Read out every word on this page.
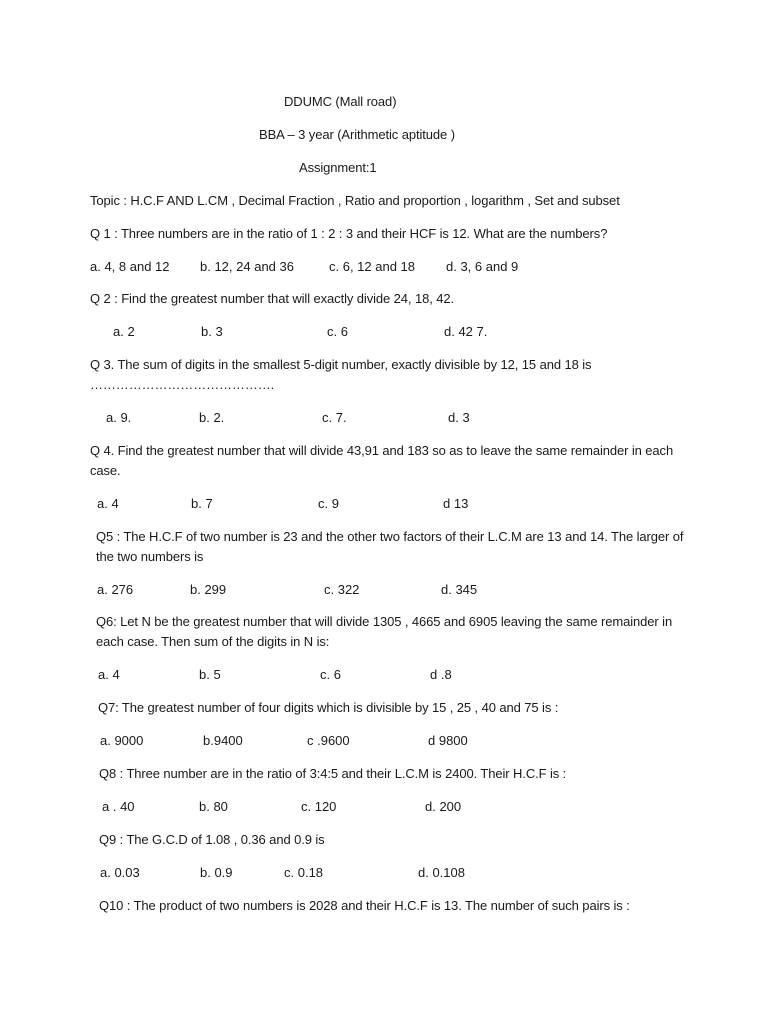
DDUMC (Mall road)
BBA – 3 year (Arithmetic aptitude )
Assignment:1
Topic : H.C.F AND L.CM , Decimal Fraction , Ratio and proportion , logarithm , Set and subset
Q 1 : Three numbers are in the ratio of 1 : 2 : 3 and their HCF is 12. What are the numbers?
a. 4, 8 and 12 b. 12, 24 and 36	c. 6, 12 and 18 d. 3, 6 and 9
Q 2 : Find the greatest number that will exactly divide 24, 18, 42.
a. 2	b. 3	c. 6	d. 42 7.
Q 3. The sum of digits in the smallest 5-digit number, exactly divisible by 12, 15 and 18 is
…………………………………….
a. 9.	b. 2.	c. 7.	d. 3
Q 4. Find the greatest number that will divide 43,91 and 183 so as to leave the same remainder in each
case.
a. 4	b. 7	c. 9	d 13
Q5 : The H.C.F of two number is 23 and the other two factors of their L.C.M are 13 and 14. The larger of
the two numbers is
a. 276	b. 299	c. 322	d. 345
Q6: Let N be the greatest number that will divide 1305 , 4665 and 6905 leaving the same remainder in
each case. Then sum of the digits in N is:
a. 4	b. 5	c. 6	d .8
Q7: The greatest number of four digits which is divisible by 15 , 25 , 40 and 75 is :
a. 9000	b.9400	c .9600	d 9800
Q8 : Three number are in the ratio of 3:4:5 and their L.C.M is 2400. Their H.C.F is :
a . 40	b. 80	c. 120	d. 200
Q9 : The G.C.D of 1.08 , 0.36 and 0.9 is
a. 0.03	b. 0.9	c. 0.18	d. 0.108
Q10 : The product of two numbers is 2028 and their H.C.F is 13. The number of such pairs is :
